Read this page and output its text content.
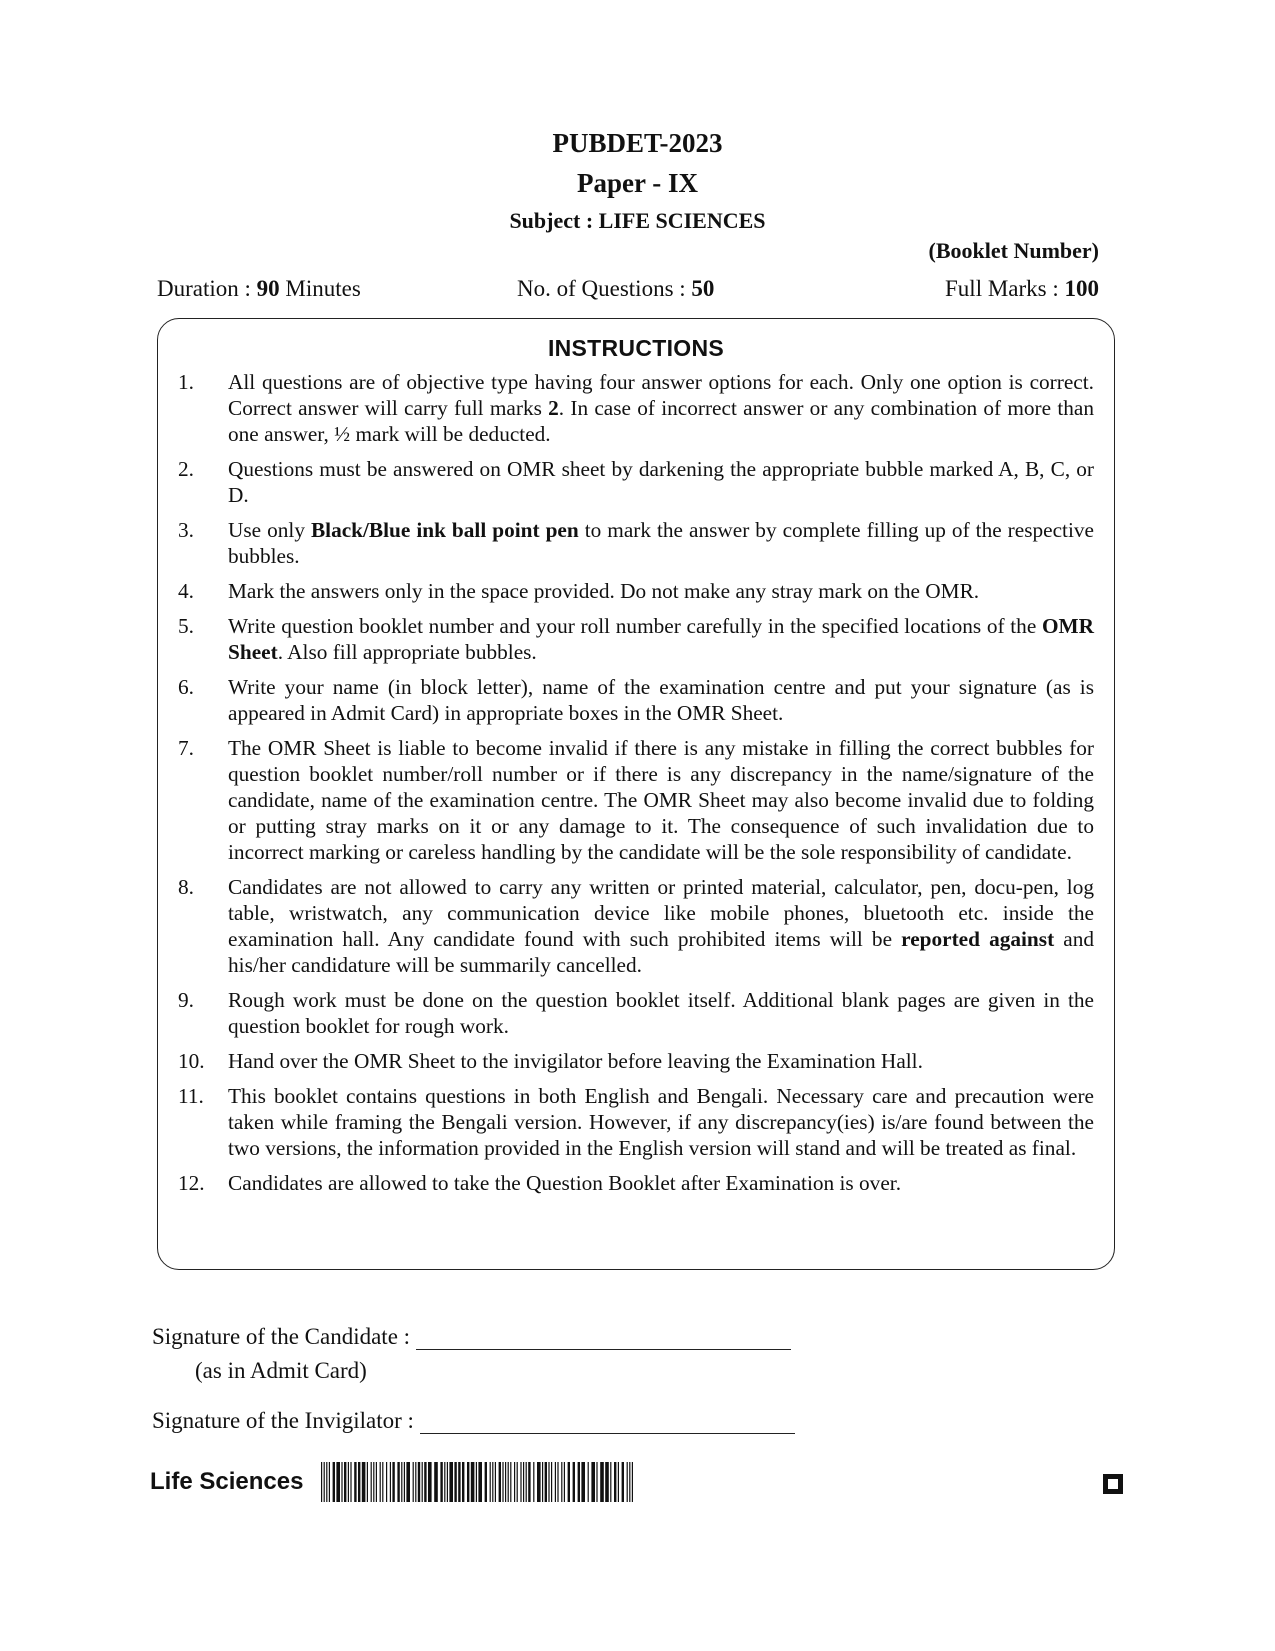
PUBDET-2023
Paper - IX
Subject : LIFE SCIENCES
(Booklet Number)
Duration : 90 Minutes	No. of Questions : 50	Full Marks : 100
INSTRUCTIONS
1.	All questions are of objective type having four answer options for each. Only one option is correct. Correct answer will carry full marks 2. In case of incorrect answer or any combination of more than one answer, ½ mark will be deducted.
2.	Questions must be answered on OMR sheet by darkening the appropriate bubble marked A, B, C, or D.
3.	Use only Black/Blue ink ball point pen to mark the answer by complete filling up of the respective bubbles.
4.	Mark the answers only in the space provided. Do not make any stray mark on the OMR.
5.	Write question booklet number and your roll number carefully in the specified locations of the OMR Sheet. Also fill appropriate bubbles.
6.	Write your name (in block letter), name of the examination centre and put your signature (as is appeared in Admit Card) in appropriate boxes in the OMR Sheet.
7.	The OMR Sheet is liable to become invalid if there is any mistake in filling the correct bubbles for question booklet number/roll number or if there is any discrepancy in the name/signature of the candidate, name of the examination centre. The OMR Sheet may also become invalid due to folding or putting stray marks on it or any damage to it. The consequence of such invalidation due to incorrect marking or careless handling by the candidate will be the sole responsibility of candidate.
8.	Candidates are not allowed to carry any written or printed material, calculator, pen, docu-pen, log table, wristwatch, any communication device like mobile phones, bluetooth etc. inside the examination hall. Any candidate found with such prohibited items will be reported against and his/her candidature will be summarily cancelled.
9.	Rough work must be done on the question booklet itself. Additional blank pages are given in the question booklet for rough work.
10.	Hand over the OMR Sheet to the invigilator before leaving the Examination Hall.
11.	This booklet contains questions in both English and Bengali. Necessary care and precaution were taken while framing the Bengali version. However, if any discrepancy(ies) is/are found between the two versions, the information provided in the English version will stand and will be treated as final.
12.	Candidates are allowed to take the Question Booklet after Examination is over.
Signature of the Candidate :
(as in Admit Card)
Signature of the Invigilator :
Life Sciences
